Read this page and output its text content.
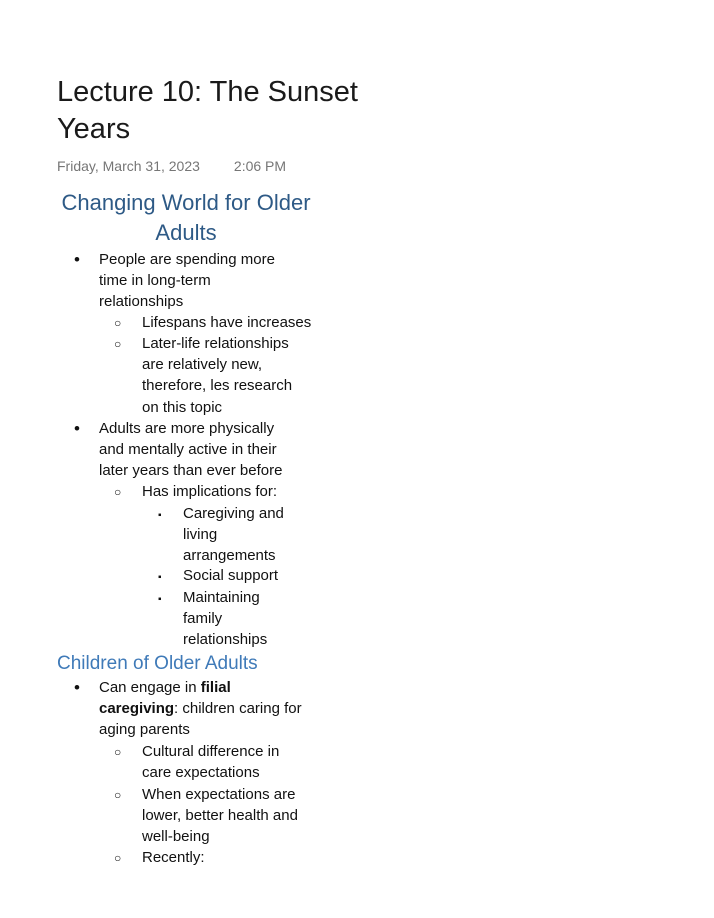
Lecture 10: The Sunset Years
Friday, March 31, 2023 2:06 PM
Changing World for Older Adults
•	People are spending more time in long-term relationships
○	Lifespans have increases
○	Later-life relationships are relatively new, therefore, les research on this topic
•	Adults are more physically and mentally active in their later years than ever before
○	Has implications for:
▪	Caregiving and living arrangements
▪	Social support
▪	Maintaining family relationships
Children of Older Adults
•	Can engage in filial caregiving: children caring for aging parents
○	Cultural difference in care expectations
○	When expectations are lower, better health and well-being
○	Recently:
